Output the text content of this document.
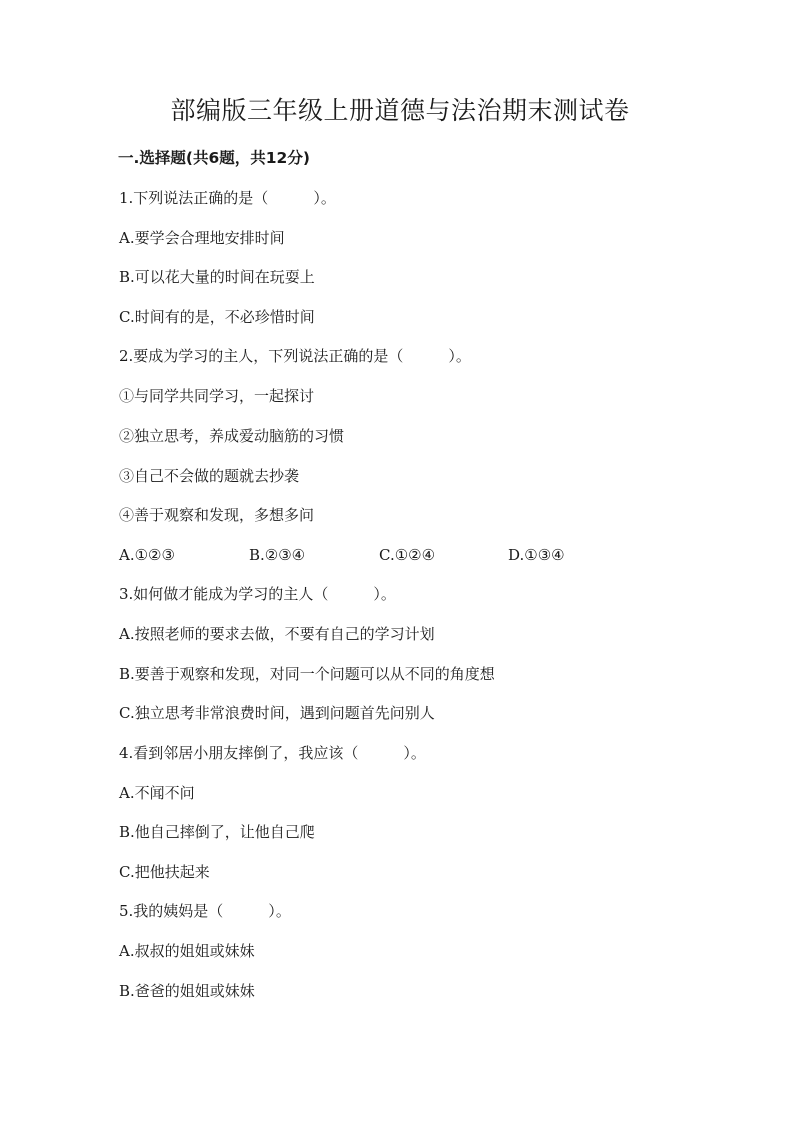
部编版三年级上册道德与法治期末测试卷
一.选择题(共6题，共12分)
1.下列说法正确的是（　　　）。
A.要学会合理地安排时间
B.可以花大量的时间在玩耍上
C.时间有的是，不必珍惜时间
2.要成为学习的主人，下列说法正确的是（　　　）。
①与同学共同学习，一起探讨
②独立思考，养成爱动脑筋的习惯
③自己不会做的题就去抄袭
④善于观察和发现，多想多问
A.①②③	B.②③④	C.①②④	D.①③④
3.如何做才能成为学习的主人（　　　）。
A.按照老师的要求去做，不要有自己的学习计划
B.要善于观察和发现，对同一个问题可以从不同的角度想
C.独立思考非常浪费时间，遇到问题首先问别人
4.看到邻居小朋友摔倒了，我应该（　　　）。
A.不闻不问
B.他自己摔倒了，让他自己爬
C.把他扶起来
5.我的姨妈是（　　　）。
A.叔叔的姐姐或妹妹
B.爸爸的姐姐或妹妹
